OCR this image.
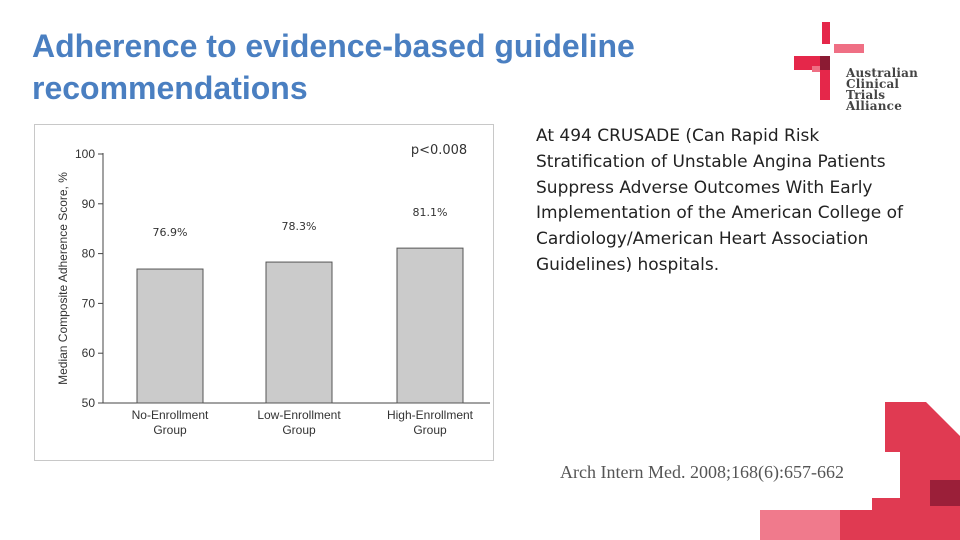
Adherence to evidence-based guideline recommendations	Australian
Clinical
Trials
Alliance
50
60
70
80
90
100
Median Composite Adherence Score, %	76.9%
No-Enrollment
Group
78.3%
Low-Enrollment
Group
81.1%
High-Enrollment
Group
p<0.008
At 494 CRUSADE (Can Rapid Risk Stratification of Unstable Angina Patients Suppress Adverse Outcomes With Early Implementation of the American College of Cardiology/American Heart Association Guidelines) hospitals.
Arch Intern Med. 2008;168(6):657-662
